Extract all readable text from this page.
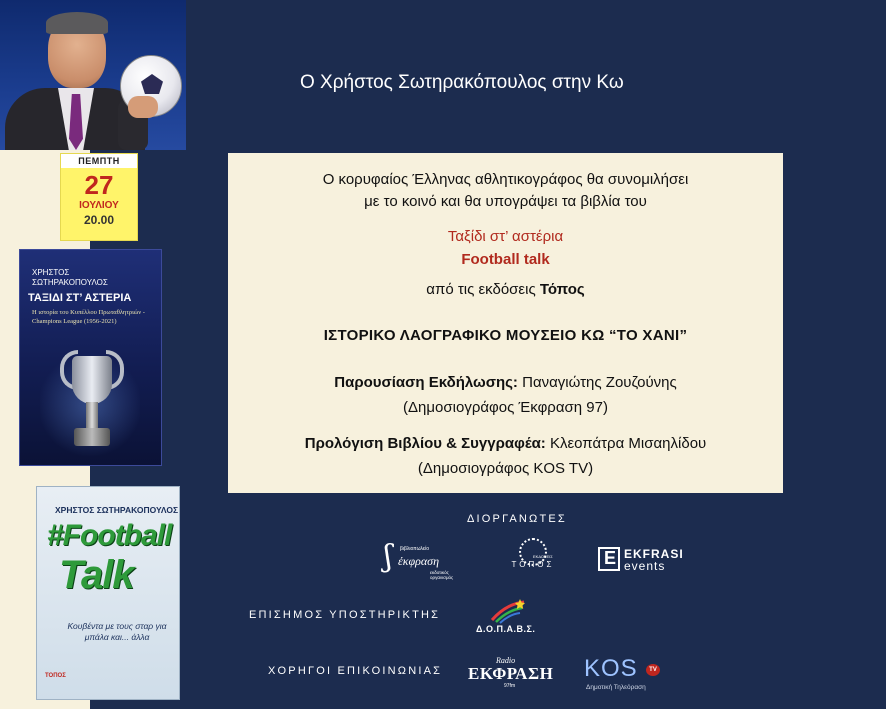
Ο Χρήστος Σωτηρακόπουλος στην Κω
ΠΕΜΠΤΗ
27
ΙΟΥΛΙΟΥ
20.00
ΧΡΗΣΤΟΣ
ΣΩΤΗΡΑΚΟΠΟΥΛΟΣ
ΤΑΞΙΔΙ ΣΤ’ ΑΣΤΕΡΙΑ
Η ιστορία του Κυπέλλου Πρωταθλητριών - Champions League (1956-2021)
ΧΡΗΣΤΟΣ ΣΩΤΗΡΑΚΟΠΟΥΛΟΣ
#Football
Talk
Κουβέντα με τους σταρ για μπάλα και... άλλα
ΤΟΠΟΣ

Ο κορυφαίος Έλληνας αθλητικογράφος θα συνομιλήσει

με το κοινό και θα υπογράψει τα βιβλία του

Ταξίδι στ’ αστέρια
Football talk

από τις εκδόσεις Τόπος

ΙΣΤΟΡΙΚΟ ΛΑΟΓΡΑΦΙΚΟ ΜΟΥΣΕΙΟ ΚΩ “ΤΟ ΧΑΝΙ”

Παρουσίαση Εκδήλωσης: Παναγιώτης Ζουζούνης

(Δημοσιογράφος Έκφραση 97)

Προλόγιση Βιβλίου & Συγγραφέα: Κλεοπάτρα Μισαηλίδου

(Δημοσιογράφος KOS TV)

ΔΙΟΡΓΑΝΩΤΕΣ
ΕΠΙΣΗΜΟΣ ΥΠΟΣΤΗΡΙΚΤΗΣ
ΧΟΡΗΓΟΙ ΕΠΙΚΟΙΝΩΝΙΑΣ
ʃ βιβλιοπωλείο
έκφραση
εκδοτικός οργανισμός
ΕΚΔΟΣΕΙΣ
ΤΟΠΟΣ
E
EKFRASI
events
Δ.Ο.Π.Α.Β.Σ.
Radio
ΕΚΦΡΑΣΗ
97fm
KOS	TV
Δημοτική Τηλεόραση
